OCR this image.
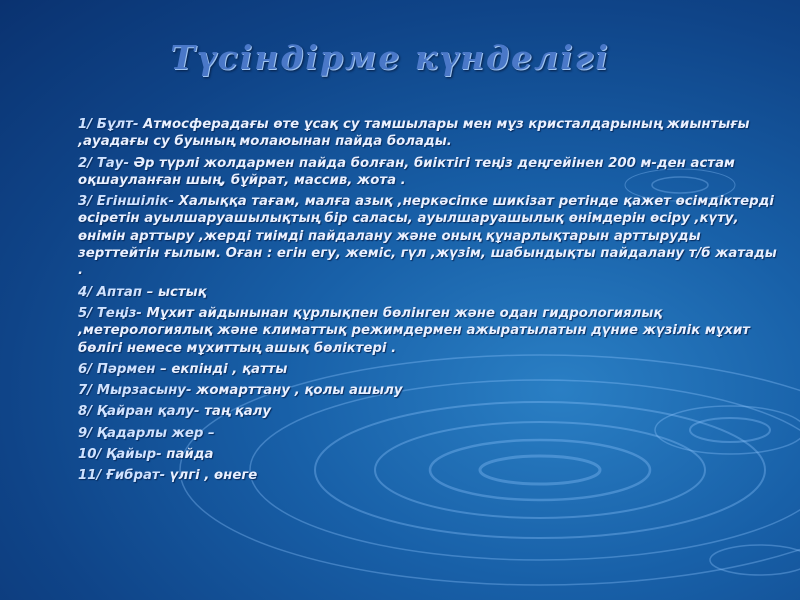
Түсіндірме күнделігі
1/ Бұлт- Атмосферадағы өте ұсақ су тамшылары мен мұз кристалдарының жиынтығы ,ауадағы су буының молаюынан пайда болады.
2/ Тау- Әр түрлі жолдармен пайда болған, биіктігі теңіз деңгейінен 200 м-ден астам оқшауланған шың, бұйрат, массив, жота .
3/ Егіншілік- Халыққа тағам, малға азық ,неркәсіпке шикізат ретінде қажет өсімдіктерді өсіретін ауылшаруашылықтың бір саласы, ауылшаруашылық өнімдерін өсіру ,күту, өнімін арттыру ,жерді тиімді пайдалану және оның құнарлықтарын арттыруды зерттейтін ғылым. Оған : егін егу, жеміс, гүл ,жүзім, шабындықты пайдалану т/б жатады .
4/ Аптап – ыстық
5/ Теңіз- Мұхит айдынынан құрлықпен бөлінген және одан гидрологиялық ,метерологиялық және климаттық режимдермен ажыратылатын дүние жүзілік мұхит бөлігі немесе мұхиттың ашық бөліктері .
6/ Пәрмен – екпінді , қатты
7/ Мырзасыну- жомарттану , қолы ашылу
8/ Қайран қалу- таң қалу
9/ Қадарлы жер –
10/ Қайыр- пайда
11/ Ғибрат- үлгі , өнеге
